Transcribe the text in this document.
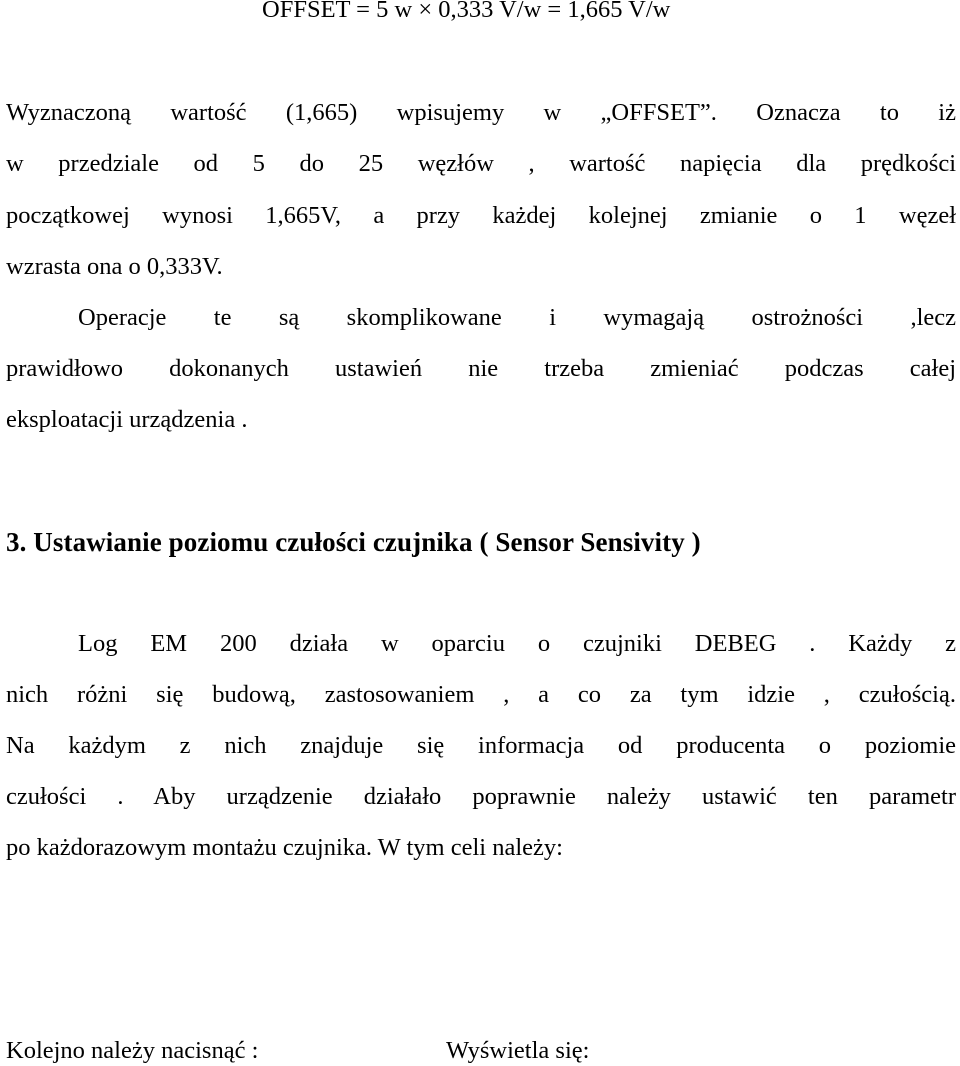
OFFSET = 5 w × 0,333 V/w = 1,665 V/w
Wyznaczoną wartość (1,665) wpisujemy w „OFFSET”. Oznacza to iż
w przedziale od 5 do 25 węzłów , wartość napięcia dla prędkości
początkowej wynosi 1,665V, a przy każdej kolejnej zmianie o 1 węzeł
wzrasta ona o 0,333V.
Operacje te są skomplikowane i wymagają ostrożności ,lecz
prawidłowo dokonanych ustawień nie trzeba zmieniać podczas całej
eksploatacji urządzenia .
3. Ustawianie poziomu czułości czujnika ( Sensor Sensivity )
Log EM 200 działa w oparciu o czujniki DEBEG . Każdy z
nich różni się budową, zastosowaniem , a co za tym idzie , czułością.
Na każdym z nich znajduje się informacja od producenta o poziomie
czułości . Aby urządzenie działało poprawnie należy ustawić ten parametr
po każdorazowym montażu czujnika. W tym celi należy:
Kolejno należy nacisnąć :	Wyświetla się:
